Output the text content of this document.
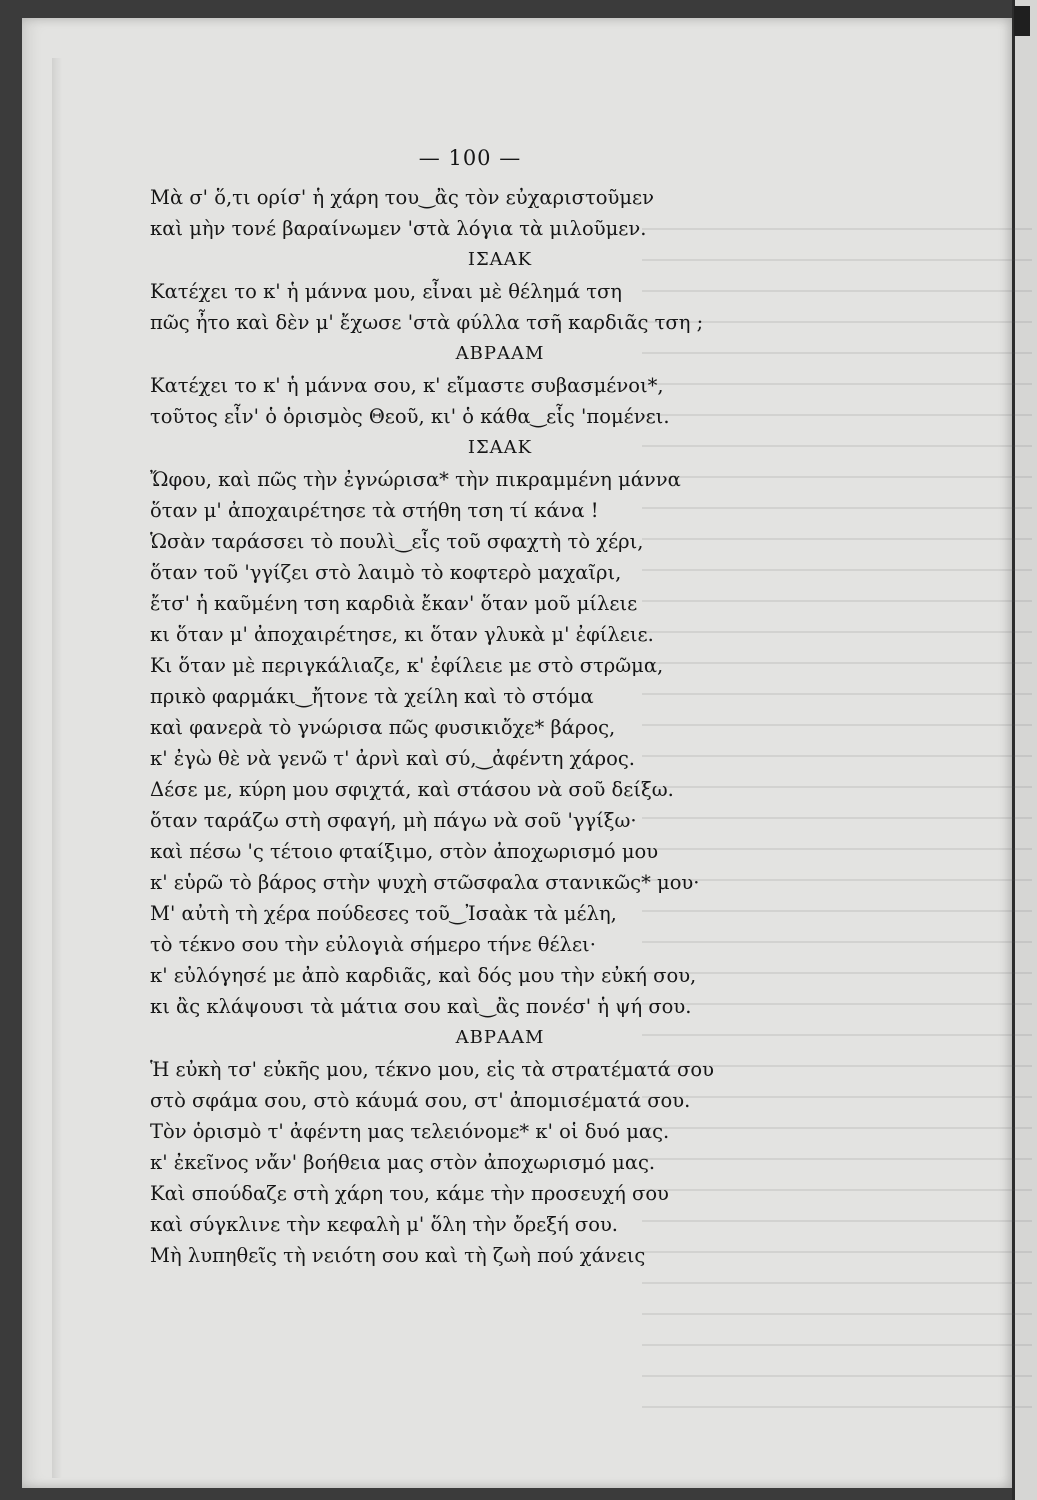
— 100 —
Μὰ σ' ὅ,τι ορίσ' ἡ χάρη του‿ἂς τὸν εὐχαριστοῦμεν
καὶ μὴν τονέ βαραίνωμεν 'στὰ λόγια τὰ μιλοῦμεν.
ΙΣΑΑΚ
Κατέχει το κ' ἡ μάννα μου, εἶναι μὲ θέλημά τση
πῶς ἦτο καὶ δὲν μ' ἔχωσε 'στὰ φύλλα τσῆ καρδιᾶς τση ;
ΑΒΡΑΑΜ
Κατέχει το κ' ἡ μάννα σου, κ' εἴμαστε συβασμένοι*,
τοῦτος εἶν' ὁ ὁρισμὸς Θεοῦ, κι' ὁ κάθα‿εἷς 'πομένει.
ΙΣΑΑΚ
Ὤφου, καὶ πῶς τὴν ἐγνώρισα* τὴν πικραμμένη μάννα
ὅταν μ' ἀποχαιρέτησε τὰ στήθη τση τί κάνα !
Ὡσὰν ταράσσει τὸ πουλὶ‿εἷς τοῦ σφαχτὴ τὸ χέρι,
ὅταν τοῦ 'γγίζει στὸ λαιμὸ τὸ κοφτερὸ μαχαῖρι,
ἔτσ' ἡ καῦμένη τση καρδιὰ ἔκαν' ὅταν μοῦ μίλειε
κι ὅταν μ' ἀποχαιρέτησε, κι ὅταν γλυκὰ μ' ἐφίλειε.
Κι ὅταν μὲ περιγκάλιαζε, κ' ἐφίλειε με στὸ στρῶμα,
πρικὸ φαρμάκι‿ἤτονε τὰ χείλη καὶ τὸ στόμα
καὶ φανερὰ τὸ γνώρισα πῶς φυσικιὄχε* βάρος,
κ' ἐγὼ θὲ νὰ γενῶ τ' ἀρνὶ καὶ σύ,‿ἀφέντη χάρος.
Δέσε με, κύρη μου σφιχτά, καὶ στάσου νὰ σοῦ δείξω.
ὅταν ταράζω στὴ σφαγή, μὴ πάγω νὰ σοῦ 'γγίξω·
καὶ πέσω 'ς τέτοιο φταίξιμο, στὸν ἀποχωρισμό μου
κ' εὑρῶ τὸ βάρος στὴν ψυχὴ στῶσφαλα στανικῶς* μου·
Μ' αὐτὴ τὴ χέρα πούδεσες τοῦ‿Ἰσαὰκ τὰ μέλη,
τὸ τέκνο σου τὴν εὐλογιὰ σήμερο τήνε θέλει·
κ' εὐλόγησέ με ἀπὸ καρδιᾶς, καὶ δός μου τὴν εὐκή σου,
κι ἂς κλάψουσι τὰ μάτια σου καὶ‿ἂς πονέσ' ἡ ψή σου.
ΑΒΡΑΑΜ
Ἡ εὐκὴ τσ' εὐκῆς μου, τέκνο μου, εἰς τὰ στρατέματά σου
στὸ σφάμα σου, στὸ κάυμά σου, στ' ἀπομισέματά σου.
Τὸν ὁρισμὸ τ' ἀφέντη μας τελειόνομε* κ' οἱ δυό μας.
κ' ἐκεῖνος νἄν' βοήθεια μας στὸν ἀποχωρισμό μας.
Καὶ σπούδαζε στὴ χάρη του, κάμε τὴν προσευχή σου
καὶ σύγκλινε τὴν κεφαλὴ μ' ὅλη τὴν ὄρεξή σου.
Μὴ λυπηθεῖς τὴ νειότη σου καὶ τὴ ζωὴ πού χάνεις
